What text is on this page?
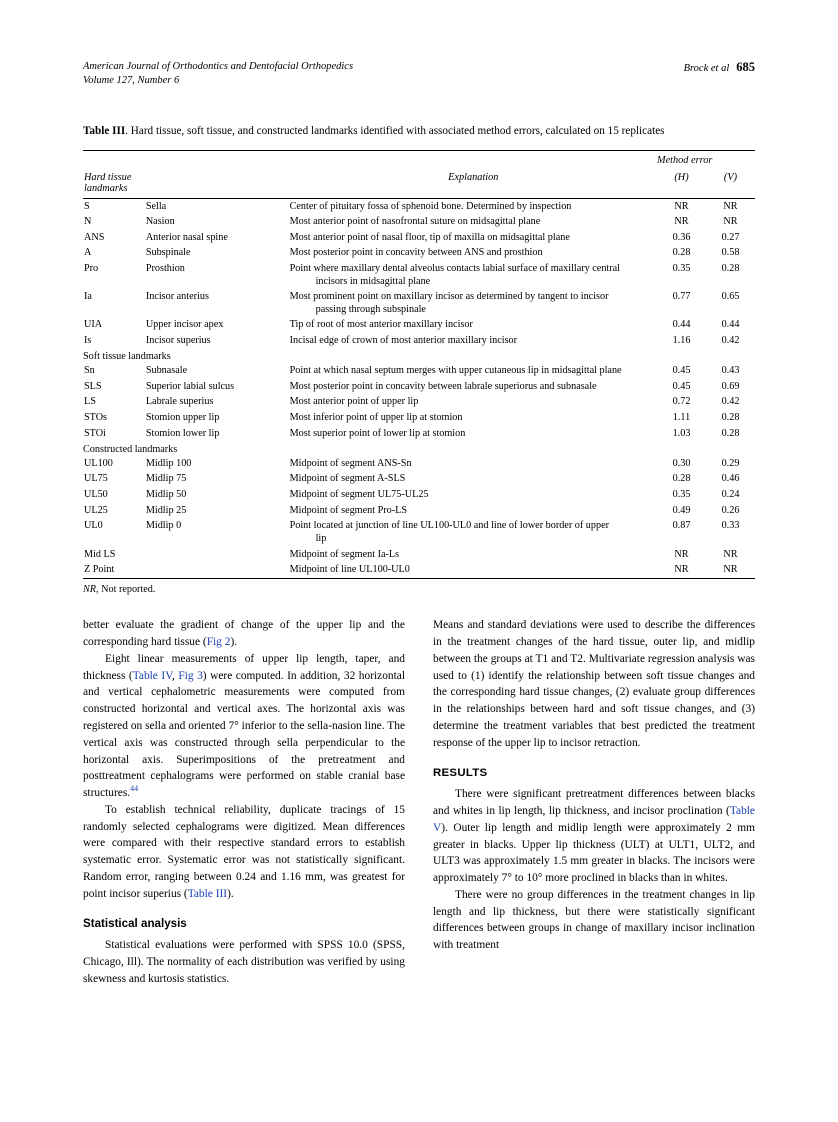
American Journal of Orthodontics and Dentofacial Orthopedics
Volume 127, Number 6
Brock et al 685
Table III. Hard tissue, soft tissue, and constructed landmarks identified with associated method errors, calculated on 15 replicates
			Method error	
Hard tissue landmarks		Explanation	(H)	(V)
S	Sella	Center of pituitary fossa of sphenoid bone. Determined by inspection	NR	NR
N	Nasion	Most anterior point of nasofrontal suture on midsagittal plane	NR	NR
ANS	Anterior nasal spine	Most anterior point of nasal floor, tip of maxilla on midsagittal plane	0.36	0.27
A	Subspinale	Most posterior point in concavity between ANS and prosthion	0.28	0.58
Pro	Prosthion	Point where maxillary dental alveolus contacts labial surface of maxillary central
incisors in midsagittal plane	0.35	0.28
Ia	Incisor anterius	Most prominent point on maxillary incisor as determined by tangent to incisor
passing through subspinale	0.77	0.65
UIA	Upper incisor apex	Tip of root of most anterior maxillary incisor	0.44	0.44
Is	Incisor superius	Incisal edge of crown of most anterior maxillary incisor	1.16	0.42
Soft tissue landmarks				
Sn	Subnasale	Point at which nasal septum merges with upper cutaneous lip in midsagittal plane	0.45	0.43
SLS	Superior labial sulcus	Most posterior point in concavity between labrale superiorus and subnasale	0.45	0.69
LS	Labrale superius	Most anterior point of upper lip	0.72	0.42
STOs	Stomion upper lip	Most inferior point of upper lip at stomion	1.11	0.28
STOi	Stomion lower lip	Most superior point of lower lip at stomion	1.03	0.28
Constructed landmarks				
UL100	Midlip 100	Midpoint of segment ANS-Sn	0.30	0.29
UL75	Midlip 75	Midpoint of segment A-SLS	0.28	0.46
UL50	Midlip 50	Midpoint of segment UL75-UL25	0.35	0.24
UL25	Midlip 25	Midpoint of segment Pro-LS	0.49	0.26
UL0	Midlip 0	Point located at junction of line UL100-UL0 and line of lower border of upper
lip	0.87	0.33
Mid LS		Midpoint of segment Ia-Ls	NR	NR
Z Point		Midpoint of line UL100-UL0	NR	NR
NR, Not reported.

better evaluate the gradient of change of the upper lip and the corresponding hard tissue (Fig 2).

Eight linear measurements of upper lip length, taper, and thickness (Table IV, Fig 3) were computed. In addition, 32 horizontal and vertical cephalometric measurements were computed from constructed horizontal and vertical axes. The horizontal axis was registered on sella and oriented 7° inferior to the sella-nasion line. The vertical axis was constructed through sella perpendicular to the horizontal axis. Superimpositions of the pretreatment and posttreatment cephalograms were performed on stable cranial base structures.$^{44}$

To establish technical reliability, duplicate tracings of 15 randomly selected cephalograms were digitized. Mean differences were compared with their respective standard errors to establish systematic error. Systematic error was not statistically significant. Random error, ranging between 0.24 and 1.16 mm, was greatest for point incisor superius (Table III).

Statistical analysis

Statistical evaluations were performed with SPSS 10.0 (SPSS, Chicago, Ill). The normality of each distribution was verified by using skewness and kurtosis statistics.

Means and standard deviations were used to describe the differences in the treatment changes of the hard tissue, outer lip, and midlip between the groups at T1 and T2. Multivariate regression analysis was used to (1) identify the relationship between soft tissue changes and the corresponding hard tissue changes, (2) evaluate group differences in the relationships between hard and soft tissue changes, and (3) determine the treatment variables that best predicted the treatment response of the upper lip to incisor retraction.

RESULTS

There were significant pretreatment differences between blacks and whites in lip length, lip thickness, and incisor proclination (Table V). Outer lip length and midlip length were approximately 2 mm greater in blacks. Upper lip thickness (ULT) at ULT1, ULT2, and ULT3 was approximately 1.5 mm greater in blacks. The incisors were approximately 7° to 10° more proclined in blacks than in whites.

There were no group differences in the treatment changes in lip length and lip thickness, but there were statistically significant differences between groups in change of maxillary incisor inclination with treatment
